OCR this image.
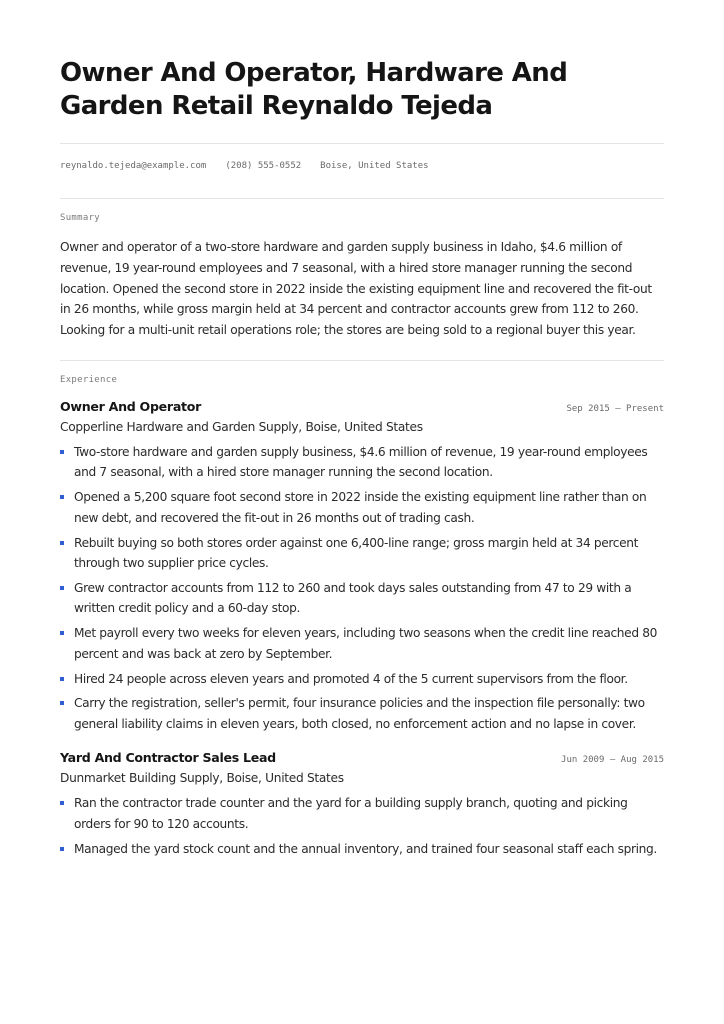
Owner And Operator, Hardware And Garden Retail Reynaldo Tejeda
reynaldo.tejeda@example.com (208) 555-0552 Boise, United States
Summary

Owner and operator of a two-store hardware and garden supply business in Idaho, $4.6 million of revenue, 19 year-round employees and 7 seasonal, with a hired store manager running the second location. Opened the second store in 2022 inside the existing equipment line and recovered the fit-out in 26 months, while gross margin held at 34 percent and contractor accounts grew from 112 to 260. Looking for a multi-unit retail operations role; the stores are being sold to a regional buyer this year.

Experience
Owner And Operator	Sep 2015 – Present
Copperline Hardware and Garden Supply, Boise, United States
Two-store hardware and garden supply business, $4.6 million of revenue, 19 year-round employees and 7 seasonal, with a hired store manager running the second location.
Opened a 5,200 square foot second store in 2022 inside the existing equipment line rather than on new debt, and recovered the fit-out in 26 months out of trading cash.
Rebuilt buying so both stores order against one 6,400-line range; gross margin held at 34 percent through two supplier price cycles.
Grew contractor accounts from 112 to 260 and took days sales outstanding from 47 to 29 with a written credit policy and a 60-day stop.
Met payroll every two weeks for eleven years, including two seasons when the credit line reached 80 percent and was back at zero by September.
Hired 24 people across eleven years and promoted 4 of the 5 current supervisors from the floor.
Carry the registration, seller's permit, four insurance policies and the inspection file personally: two general liability claims in eleven years, both closed, no enforcement action and no lapse in cover.
Yard And Contractor Sales Lead	Jun 2009 – Aug 2015
Dunmarket Building Supply, Boise, United States
Ran the contractor trade counter and the yard for a building supply branch, quoting and picking orders for 90 to 120 accounts.
Managed the yard stock count and the annual inventory, and trained four seasonal staff each spring.
